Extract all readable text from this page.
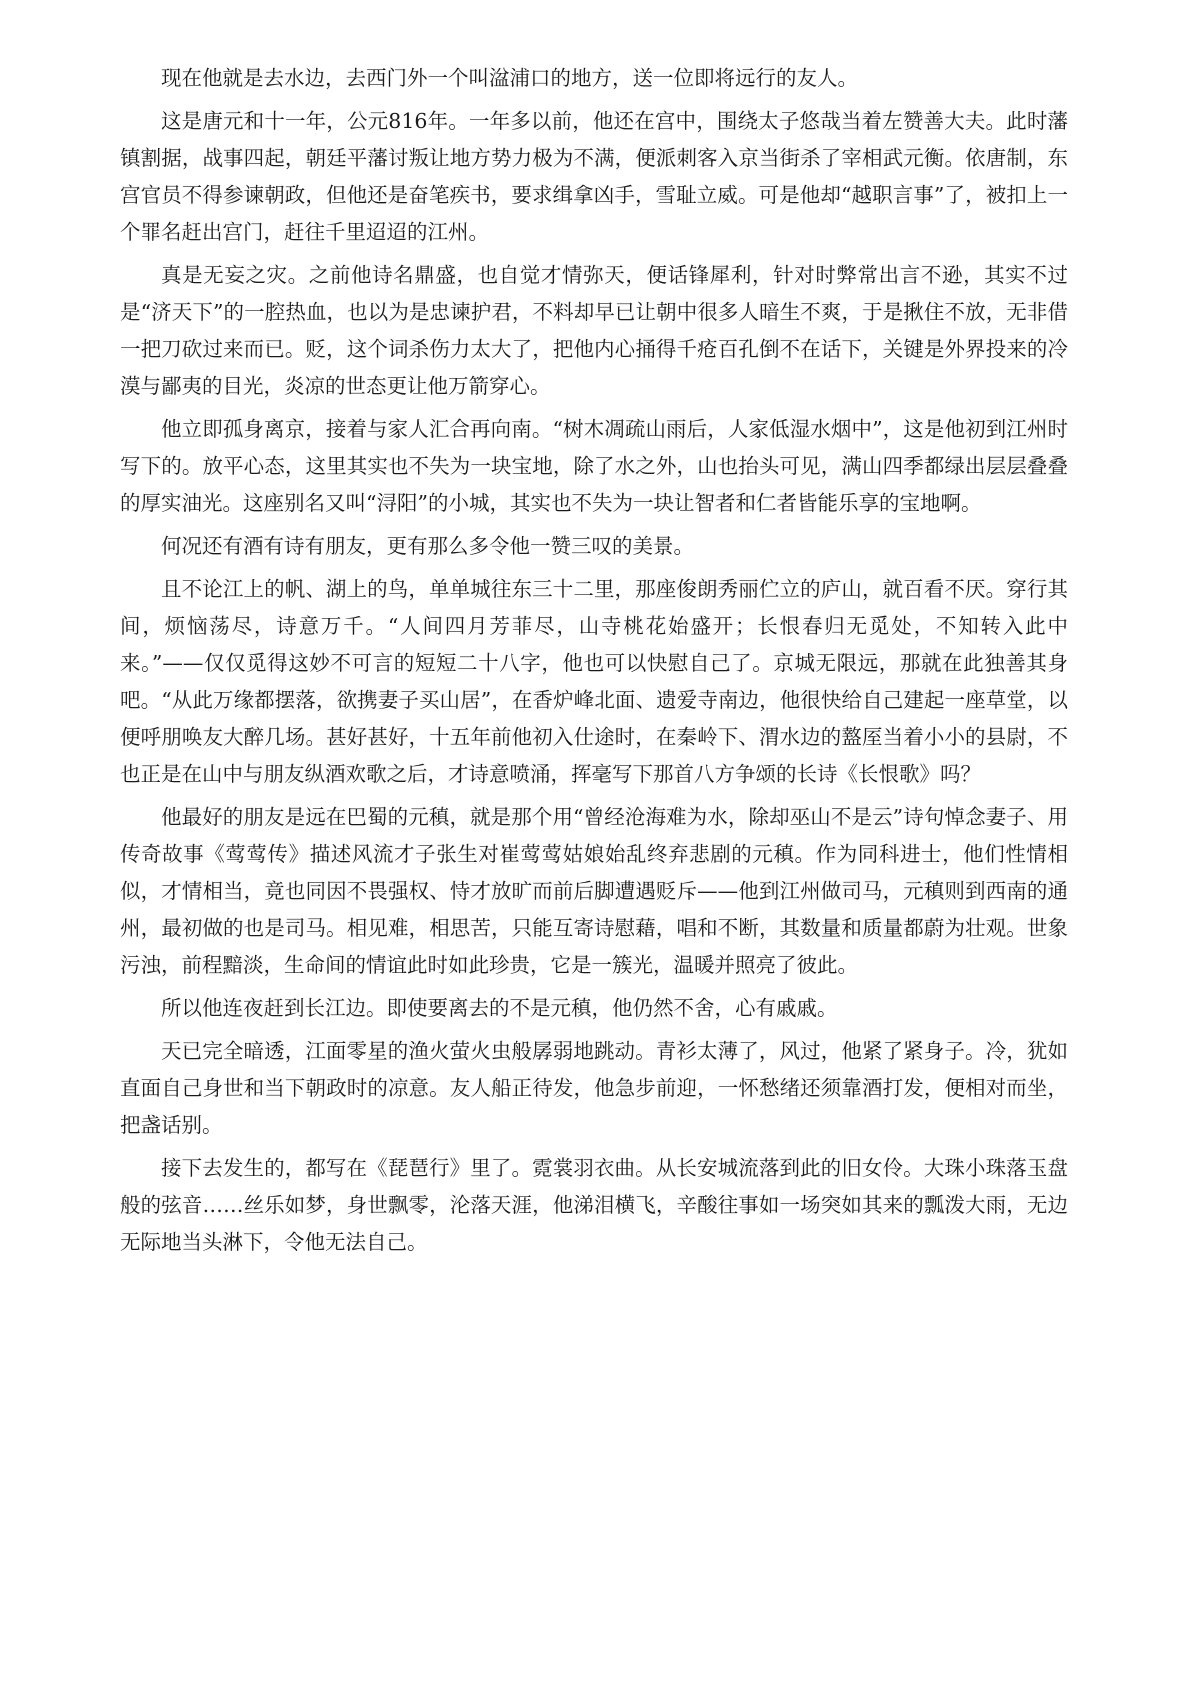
现在他就是去水边，去西门外一个叫湓浦口的地方，送一位即将远行的友人。

这是唐元和十一年，公元816年。一年多以前，他还在宫中，围绕太子悠哉当着左赞善大夫。此时藩镇割据，战事四起，朝廷平藩讨叛让地方势力极为不满，便派刺客入京当街杀了宰相武元衡。依唐制，东宫官员不得参谏朝政，但他还是奋笔疾书，要求缉拿凶手，雪耻立威。可是他却“越职言事”了，被扣上一个罪名赶出宫门，赶往千里迢迢的江州。

真是无妄之灾。之前他诗名鼎盛，也自觉才情弥天，便话锋犀利，针对时弊常出言不逊，其实不过是“济天下”的一腔热血，也以为是忠谏护君，不料却早已让朝中很多人暗生不爽，于是揪住不放，无非借一把刀砍过来而已。贬，这个词杀伤力太大了，把他内心捅得千疮百孔倒不在话下，关键是外界投来的冷漠与鄙夷的目光，炎凉的世态更让他万箭穿心。

他立即孤身离京，接着与家人汇合再向南。“树木凋疏山雨后，人家低湿水烟中”，这是他初到江州时写下的。放平心态，这里其实也不失为一块宝地，除了水之外，山也抬头可见，满山四季都绿出层层叠叠的厚实油光。这座别名又叫“浔阳”的小城，其实也不失为一块让智者和仁者皆能乐享的宝地啊。

何况还有酒有诗有朋友，更有那么多令他一赞三叹的美景。

且不论江上的帆、湖上的鸟，单单城往东三十二里，那座俊朗秀丽伫立的庐山，就百看不厌。穿行其间，烦恼荡尽，诗意万千。“人间四月芳菲尽，山寺桃花始盛开；长恨春归无觅处，不知转入此中来。”——仅仅觅得这妙不可言的短短二十八字，他也可以快慰自己了。京城无限远，那就在此独善其身吧。“从此万缘都摆落，欲携妻子买山居”，在香炉峰北面、遗爱寺南边，他很快给自己建起一座草堂，以便呼朋唤友大醉几场。甚好甚好，十五年前他初入仕途时，在秦岭下、渭水边的盩厔当着小小的县尉，不也正是在山中与朋友纵酒欢歌之后，才诗意喷涌，挥毫写下那首八方争颂的长诗《长恨歌》吗？

他最好的朋友是远在巴蜀的元稹，就是那个用“曾经沧海难为水，除却巫山不是云”诗句悼念妻子、用传奇故事《莺莺传》描述风流才子张生对崔莺莺姑娘始乱终弃悲剧的元稹。作为同科进士，他们性情相似，才情相当，竟也同因不畏强权、恃才放旷而前后脚遭遇贬斥——他到江州做司马，元稹则到西南的通州，最初做的也是司马。相见难，相思苦，只能互寄诗慰藉，唱和不断，其数量和质量都蔚为壮观。世象污浊，前程黯淡，生命间的情谊此时如此珍贵，它是一簇光，温暖并照亮了彼此。

所以他连夜赶到长江边。即使要离去的不是元稹，他仍然不舍，心有戚戚。

天已完全暗透，江面零星的渔火萤火虫般孱弱地跳动。青衫太薄了，风过，他紧了紧身子。冷，犹如直面自己身世和当下朝政时的凉意。友人船正待发，他急步前迎，一怀愁绪还须靠酒打发，便相对而坐，把盏话别。

接下去发生的，都写在《琵琶行》里了。霓裳羽衣曲。从长安城流落到此的旧女伶。大珠小珠落玉盘般的弦音……丝乐如梦，身世飘零，沦落天涯，他涕泪横飞，辛酸往事如一场突如其来的瓢泼大雨，无边无际地当头淋下，令他无法自己。
